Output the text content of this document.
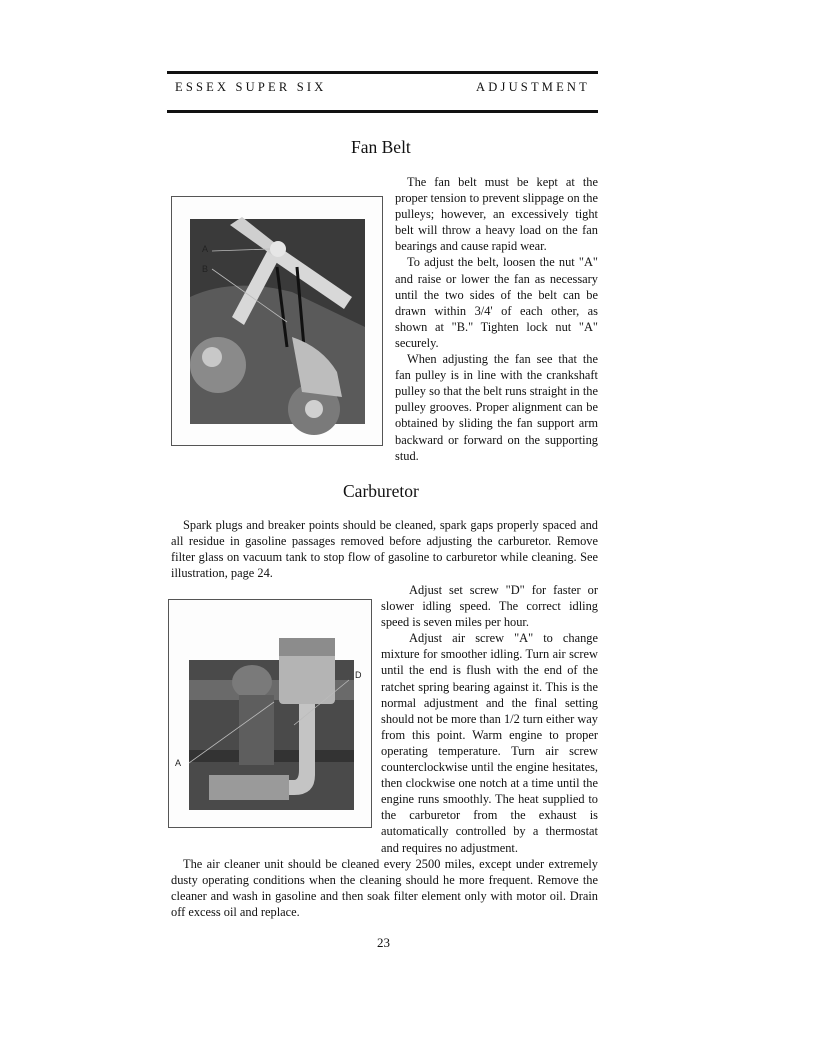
ESSEX SUPER SIX	ADJUSTMENT
Fan Belt
A
B

The fan belt must be kept at the proper tension to prevent slippage on the pulleys; however, an excessively tight belt will throw a heavy load on the fan bearings and cause rapid wear.

To adjust the belt, loosen the nut "A" and raise or lower the fan as necessary until the two sides of the belt can be drawn within 3/4' of each other, as shown at "B." Tighten lock nut "A" securely.

When adjusting the fan see that the fan pulley is in line with the crankshaft pulley so that the belt runs straight in the pulley grooves. Proper alignment can be obtained by sliding the fan support arm backward or forward on the supporting stud.

Carburetor

Spark plugs and breaker points should be cleaned, spark gaps properly spaced and all residue in gasoline passages removed before adjusting the carburetor. Remove filter glass on vacuum tank to stop flow of gasoline to carburetor while cleaning. See illustration, page 24.

D
A

Adjust set screw "D" for faster or slower idling speed. The correct idling speed is seven miles per hour.

Adjust air screw "A" to change mixture for smoother idling. Turn air screw until the end is flush with the end of the ratchet spring bearing against it. This is the normal adjustment and the final setting should not be more than 1/2 turn either way from this point. Warm engine to proper operating temperature. Turn air screw counterclockwise until the engine hesitates, then clockwise one notch at a time until the engine runs smoothly. The heat supplied to the carburetor from the exhaust is automatically controlled by a thermostat and requires no adjustment.

The air cleaner unit should be cleaned every 2500 miles, except under extremely dusty operating conditions when the cleaning should he more frequent. Remove the cleaner and wash in gasoline and then soak filter element only with motor oil. Drain off excess oil and replace.

23
